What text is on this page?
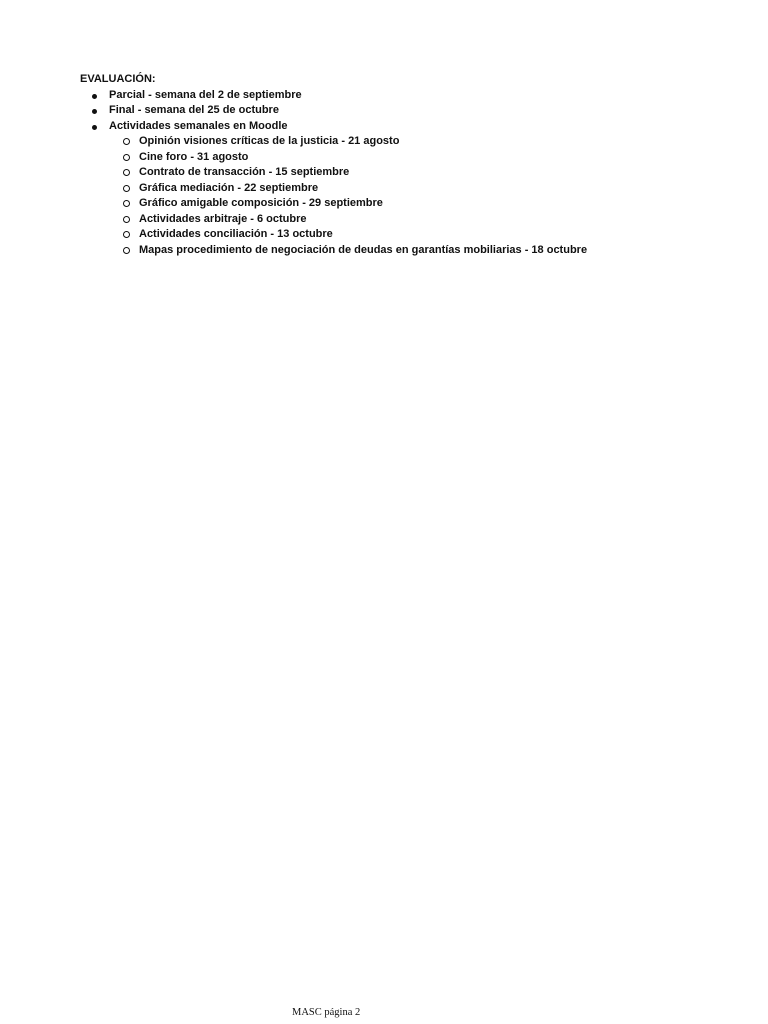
EVALUACIÓN:
Parcial - semana del 2 de septiembre
Final - semana del 25 de octubre
Actividades semanales en Moodle
Opinión visiones críticas de la justicia - 21 agosto
Cine foro - 31 agosto
Contrato de transacción - 15 septiembre
Gráfica mediación - 22 septiembre
Gráfico amigable composición - 29 septiembre
Actividades arbitraje - 6 octubre
Actividades conciliación - 13 octubre
Mapas procedimiento de negociación de deudas en garantías mobiliarias - 18 octubre
MASC página 2
